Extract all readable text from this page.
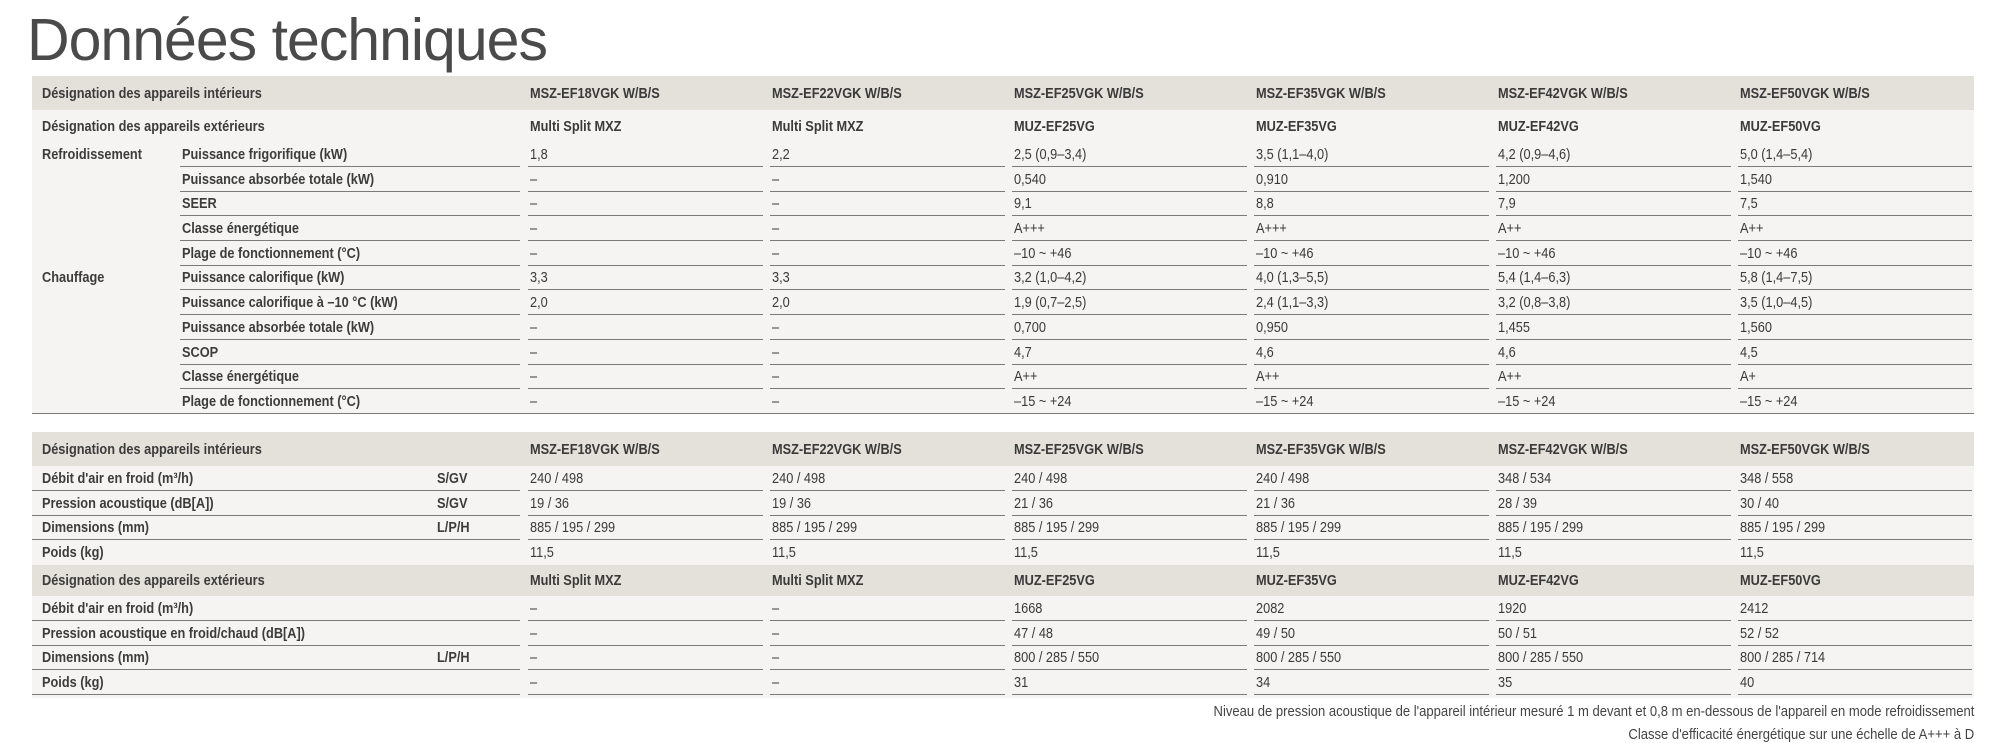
Données techniques
Désignation des appareils intérieurs	MSZ-EF18VGK W/B/S	MSZ-EF22VGK W/B/S	MSZ-EF25VGK W/B/S	MSZ-EF35VGK W/B/S	MSZ-EF42VGK W/B/S	MSZ-EF50VGK W/B/S
Désignation des appareils extérieurs	Multi Split MXZ	Multi Split MXZ	MUZ-EF25VG	MUZ-EF35VG	MUZ-EF42VG	MUZ-EF50VG
Refroidissement	Puissance frigorifique (kW)	1,8	2,2	2,5 (0,9–3,4)	3,5 (1,1–4,0)	4,2 (0,9–4,6)	5,0 (1,4–5,4)
Puissance absorbée totale (kW)	–	–	0,540	0,910	1,200	1,540
SEER	–	–	9,1	8,8	7,9	7,5
Classe énergétique	–	–	A+++	A+++	A++	A++
Plage de fonctionnement (°C)	–	–	–10 ~ +46	–10 ~ +46	–10 ~ +46	–10 ~ +46
Chauffage	Puissance calorifique (kW)	3,3	3,3	3,2 (1,0–4,2)	4,0 (1,3–5,5)	5,4 (1,4–6,3)	5,8 (1,4–7,5)
Puissance calorifique à –10 °C (kW)	2,0	2,0	1,9 (0,7–2,5)	2,4 (1,1–3,3)	3,2 (0,8–3,8)	3,5 (1,0–4,5)
Puissance absorbée totale (kW)	–	–	0,700	0,950	1,455	1,560
SCOP	–	–	4,7	4,6	4,6	4,5
Classe énergétique	–	–	A++	A++	A++	A+
Plage de fonctionnement (°C)	–	–	–15 ~ +24	–15 ~ +24	–15 ~ +24	–15 ~ +24
Désignation des appareils intérieurs	MSZ-EF18VGK W/B/S	MSZ-EF22VGK W/B/S	MSZ-EF25VGK W/B/S	MSZ-EF35VGK W/B/S	MSZ-EF42VGK W/B/S	MSZ-EF50VGK W/B/S
Débit d'air en froid (m³/h)	S/GV	240 / 498	240 / 498	240 / 498	240 / 498	348 / 534	348 / 558
Pression acoustique (dB[A])	S/GV	19 / 36	19 / 36	21 / 36	21 / 36	28 / 39	30 / 40
Dimensions (mm)	L/P/H	885 / 195 / 299	885 / 195 / 299	885 / 195 / 299	885 / 195 / 299	885 / 195 / 299	885 / 195 / 299
Poids (kg)	11,5	11,5	11,5	11,5	11,5	11,5
Désignation des appareils extérieurs	Multi Split MXZ	Multi Split MXZ	MUZ-EF25VG	MUZ-EF35VG	MUZ-EF42VG	MUZ-EF50VG
Débit d'air en froid (m³/h)	–	–	1668	2082	1920	2412
Pression acoustique en froid/chaud (dB[A])	–	–	47 / 48	49 / 50	50 / 51	52 / 52
Dimensions (mm)	L/P/H	–	–	800 / 285 / 550	800 / 285 / 550	800 / 285 / 550	800 / 285 / 714
Poids (kg)	–	–	31	34	35	40
Niveau de pression acoustique de l'appareil intérieur mesuré 1 m devant et 0,8 m en-dessous de l'appareil en mode refroidissement
Classe d'efficacité énergétique sur une échelle de A+++ à D
